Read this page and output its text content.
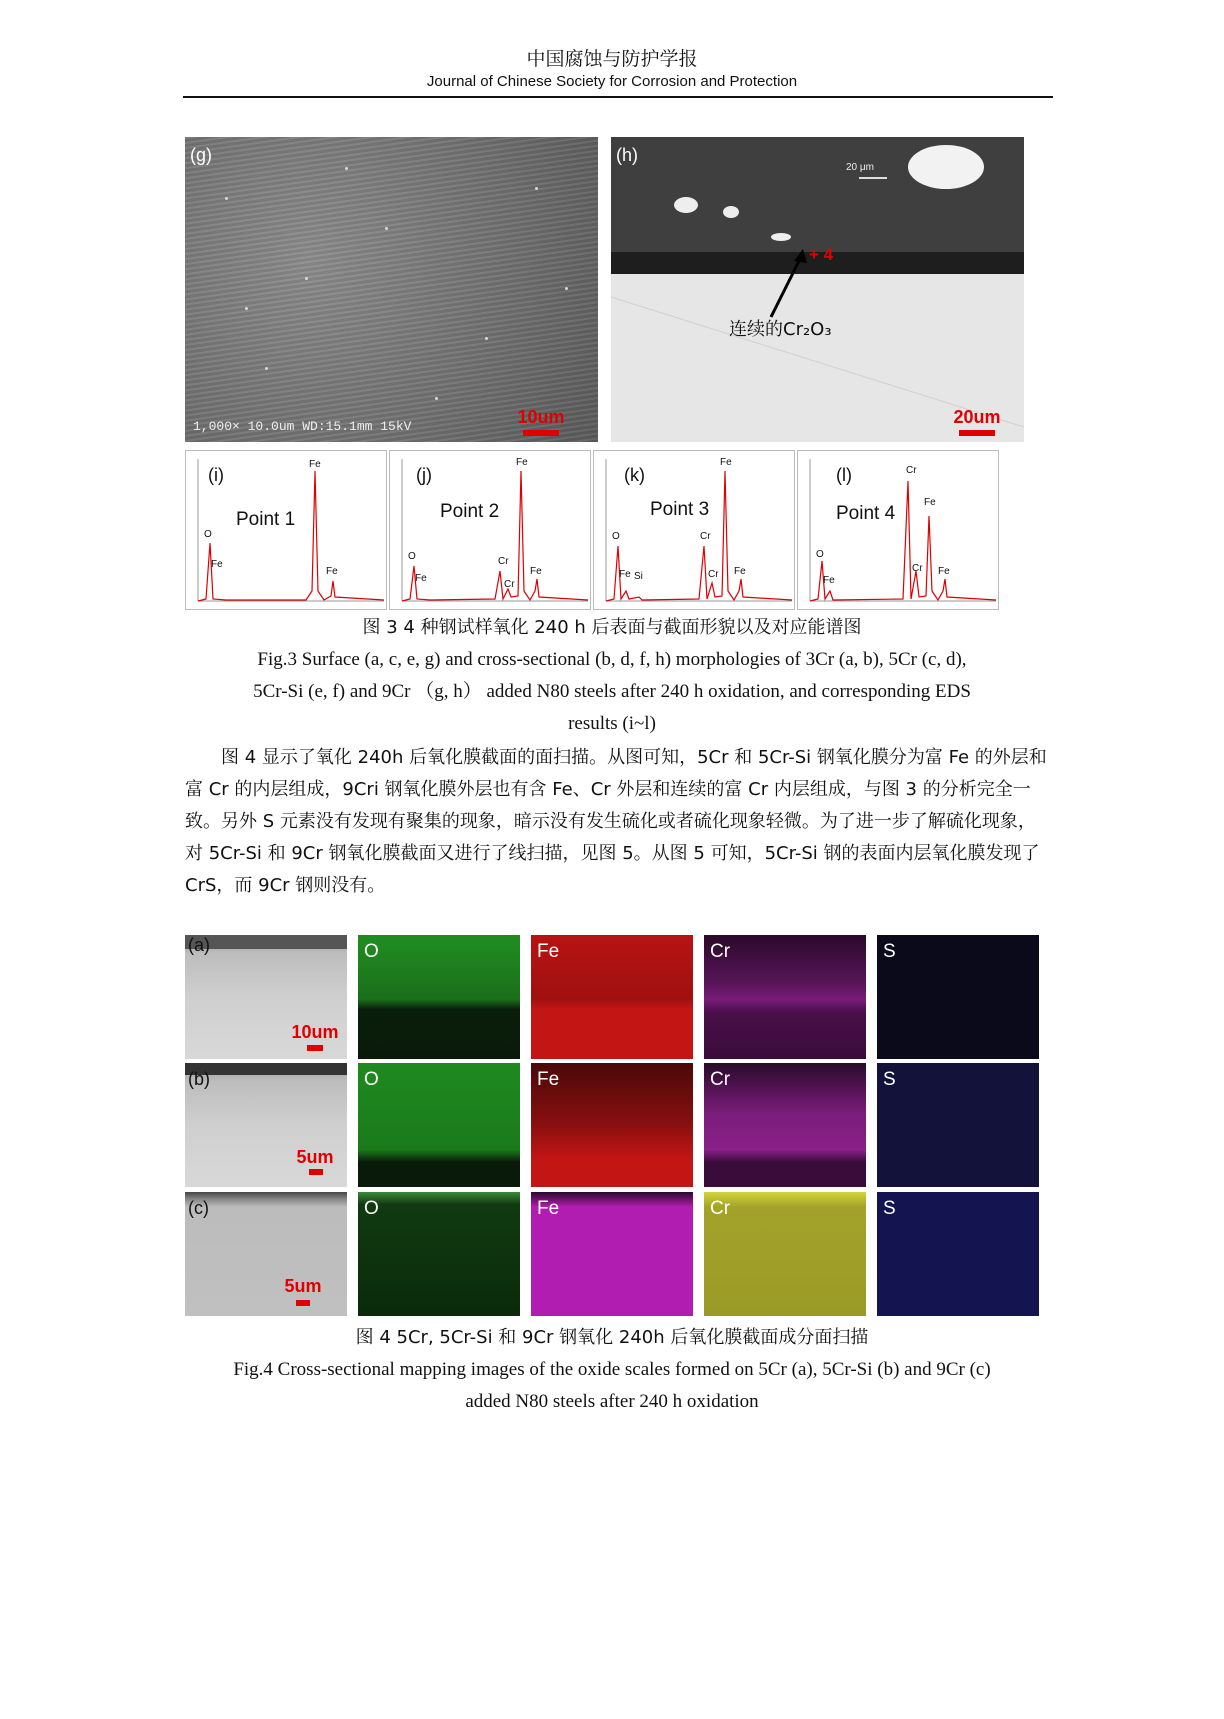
中国腐蚀与防护学报
Journal of Chinese Society for Corrosion and Protection
(g)
1,000× 10.0um WD:15.1mm 15kV	10um
(h)
20 μm
+ 4
连续的Cr₂O₃
20um
(i)
Point 1
O
Fe
Fe
Fe
(j)
Point 2
O
Fe
Cr
Cr
Fe
Fe
(k)
Point 3
O
Fe Si
Cr
Cr
Fe
Fe
(l)
Point 4
O
Fe
Cr
Fe
Cr Fe
图 3 4 种钢试样氧化 240 h 后表面与截面形貌以及对应能谱图
Fig.3 Surface (a, c, e, g) and cross-sectional (b, d, f, h) morphologies of 3Cr (a, b), 5Cr (c, d),
5Cr-Si (e, f) and 9Cr （g, h） added N80 steels after 240 h oxidation, and corresponding EDS
results (i~l)

图 4 显示了氧化 240h 后氧化膜截面的面扫描。从图可知，5Cr 和 5Cr-Si 钢氧化膜分为富 Fe 的外层和富 Cr 的内层组成，9Cri 钢氧化膜外层也有含 Fe、Cr 外层和连续的富 Cr 内层组成，与图 3 的分析完全一致。另外 S 元素没有发现有聚集的现象，暗示没有发生硫化或者硫化现象轻微。为了进一步了解硫化现象，对 5Cr-Si 和 9Cr 钢氧化膜截面又进行了线扫描，见图 5。从图 5 可知，5Cr-Si 钢的表面内层氧化膜发现了 CrS，而 9Cr 钢则没有。

(a)
10um
O	Fe	Cr	S
(b)
5um
O	Fe	Cr	S
(c)
5um
O	Fe	Cr	S
图 4 5Cr, 5Cr-Si 和 9Cr 钢氧化 240h 后氧化膜截面成分面扫描
Fig.4 Cross-sectional mapping images of the oxide scales formed on 5Cr (a), 5Cr-Si (b) and 9Cr (c)
added N80 steels after 240 h oxidation
